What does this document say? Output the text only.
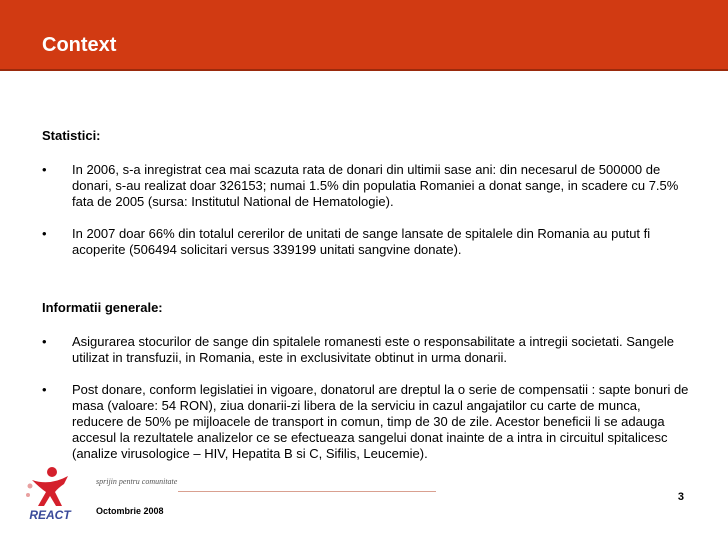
Context
Statistici:
• In 2006, s-a inregistrat cea mai scazuta rata de donari din ultimii sase ani: din necesarul de 500000 de donari, s-au realizat doar 326153; numai 1.5% din populatia Romaniei a donat sange, in scadere cu 7.5% fata de 2005 (sursa: Institutul National de Hematologie).
• In 2007 doar 66% din totalul cererilor de unitati de sange lansate de spitalele din Romania au putut fi acoperite (506494 solicitari versus 339199 unitati sangvine donate).
Informatii generale:
• Asigurarea stocurilor de sange din spitalele romanesti este o responsabilitate a intregii societati. Sangele utilizat in transfuzii, in Romania, este in exclusivitate obtinut in urma donarii.
• Post donare, conform legislatiei in vigoare, donatorul are dreptul la o serie de compensatii : sapte bonuri de masa (valoare: 54 RON), ziua donarii-zi libera de la serviciu in cazul angajatilor cu carte de munca, reducere de 50% pe mijloacele de transport in comun, timp de 30 de zile. Acestor beneficii li se adauga accesul la rezultatele analizelor ce se efectueaza sangelui donat inainte de a intra in circuitul spitalicesc (analize virusologice – HIV, Hepatita B si C, Sifilis, Leucemie).
REACT
sprijin pentru comunitate
3
Octombrie 2008
